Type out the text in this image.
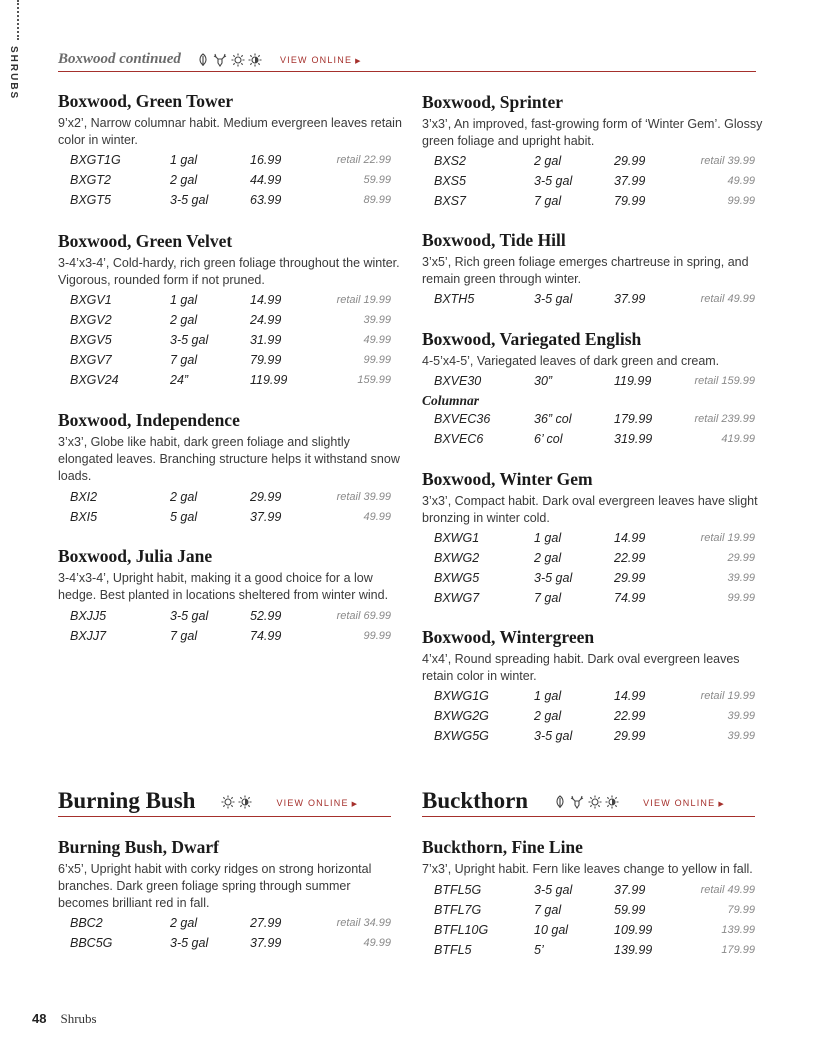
SHRUBS	Boxwood continued	VIEW ONLINE ▶
Boxwood, Green Tower
9’x2’, Narrow columnar habit. Medium evergreen leaves retain color in winter.
BXGT1G	1 gal	16.99	retail 22.99
BXGT2	2 gal	44.99	59.99
BXGT5	3-5 gal	63.99	89.99
Boxwood, Green Velvet
3-4’x3-4’, Cold-hardy, rich green foliage throughout the winter. Vigorous, rounded form if not pruned.
BXGV1	1 gal	14.99	retail 19.99
BXGV2	2 gal	24.99	39.99
BXGV5	3-5 gal	31.99	49.99
BXGV7	7 gal	79.99	99.99
BXGV24	24”	119.99	159.99
Boxwood, Independence
3’x3’, Globe like habit, dark green foliage and slightly elongated leaves. Branching structure helps it withstand snow loads.
BXI2	2 gal	29.99	retail 39.99
BXI5	5 gal	37.99	49.99
Boxwood, Julia Jane
3-4’x3-4’, Upright habit, making it a good choice for a low hedge. Best planted in locations sheltered from winter wind.
BXJJ5	3-5 gal	52.99	retail 69.99
BXJJ7	7 gal	74.99	99.99
Boxwood, Sprinter
3’x3’, An improved, fast-growing form of ‘Winter Gem’. Glossy green foliage and upright habit.
BXS2	2 gal	29.99	retail 39.99
BXS5	3-5 gal	37.99	49.99
BXS7	7 gal	79.99	99.99
Boxwood, Tide Hill
3’x5’, Rich green foliage emerges chartreuse in spring, and remain green through winter.
BXTH5	3-5 gal	37.99	retail 49.99
Boxwood, Variegated English
4-5’x4-5’, Variegated leaves of dark green and cream.
BXVE30	30”	119.99	retail 159.99
Columnar
BXVEC36	36” col	179.99	retail 239.99
BXVEC6	6’ col	319.99	419.99
Boxwood, Winter Gem
3’x3’, Compact habit. Dark oval evergreen leaves have slight bronzing in winter cold.
BXWG1	1 gal	14.99	retail 19.99
BXWG2	2 gal	22.99	29.99
BXWG5	3-5 gal	29.99	39.99
BXWG7	7 gal	74.99	99.99
Boxwood, Wintergreen
4’x4’, Round spreading habit. Dark oval evergreen leaves retain color in winter.
BXWG1G	1 gal	14.99	retail 19.99
BXWG2G	2 gal	22.99	39.99
BXWG5G	3-5 gal	29.99	39.99
Burning Bush	VIEW ONLINE ▶
Burning Bush, Dwarf
6’x5’, Upright habit with corky ridges on strong horizontal branches. Dark green foliage spring through summer becomes brilliant red in fall.
BBC2	2 gal	27.99	retail 34.99
BBC5G	3-5 gal	37.99	49.99
Buckthorn	VIEW ONLINE ▶
Buckthorn, Fine Line
7’x3’, Upright habit. Fern like leaves change to yellow in fall.
BTFL5G	3-5 gal	37.99	retail 49.99
BTFL7G	7 gal	59.99	79.99
BTFL10G	10 gal	109.99	139.99
BTFL5	5’	139.99	179.99
48 Shrubs
